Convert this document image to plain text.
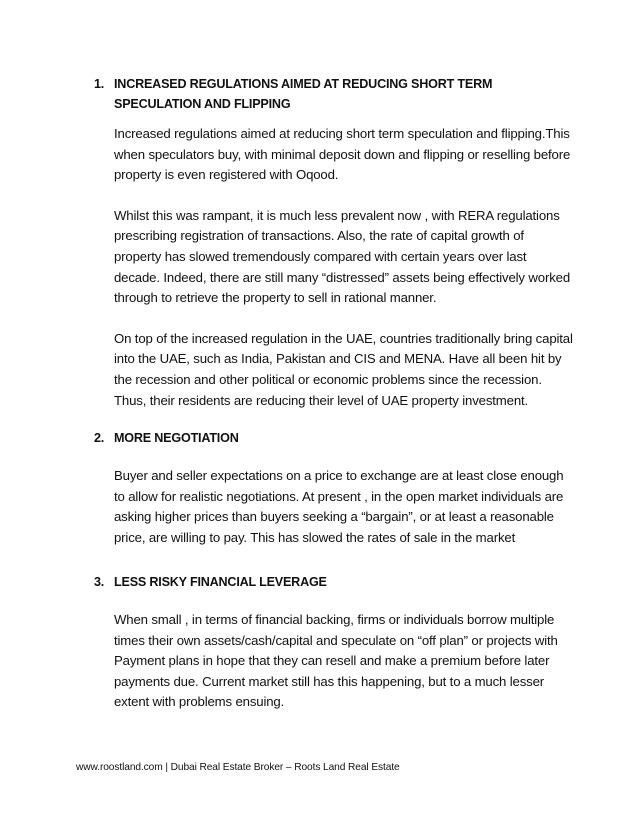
1. INCREASED REGULATIONS AIMED AT REDUCING SHORT TERM SPECULATION AND FLIPPING

Increased regulations aimed at reducing short term speculation and flipping.This when speculators buy, with minimal deposit down and flipping or reselling before property is even registered with Oqood.

Whilst this was rampant, it is much less prevalent now , with RERA regulations prescribing registration of transactions. Also, the rate of capital growth of property has slowed tremendously compared with certain years over last decade. Indeed, there are still many “distressed” assets being effectively worked through to retrieve the property to sell in rational manner.

On top of the increased regulation in the UAE, countries traditionally bring capital into the UAE, such as India, Pakistan and CIS and MENA. Have all been hit by the recession and other political or economic problems since the recession. Thus, their residents are reducing their level of UAE property investment.

2. MORE NEGOTIATION

Buyer and seller expectations on a price to exchange are at least close enough to allow for realistic negotiations. At present , in the open market individuals are asking higher prices than buyers seeking a “bargain”, or at least a reasonable price, are willing to pay. This has slowed the rates of sale in the market

3. LESS RISKY FINANCIAL LEVERAGE

When small , in terms of financial backing, firms or individuals borrow multiple times their own assets/cash/capital and speculate on “off plan” or projects with Payment plans in hope that they can resell and make a premium before later payments due. Current market still has this happening, but to a much lesser extent with problems ensuing.

www.roostland.com | Dubai Real Estate Broker – Roots Land Real Estate
